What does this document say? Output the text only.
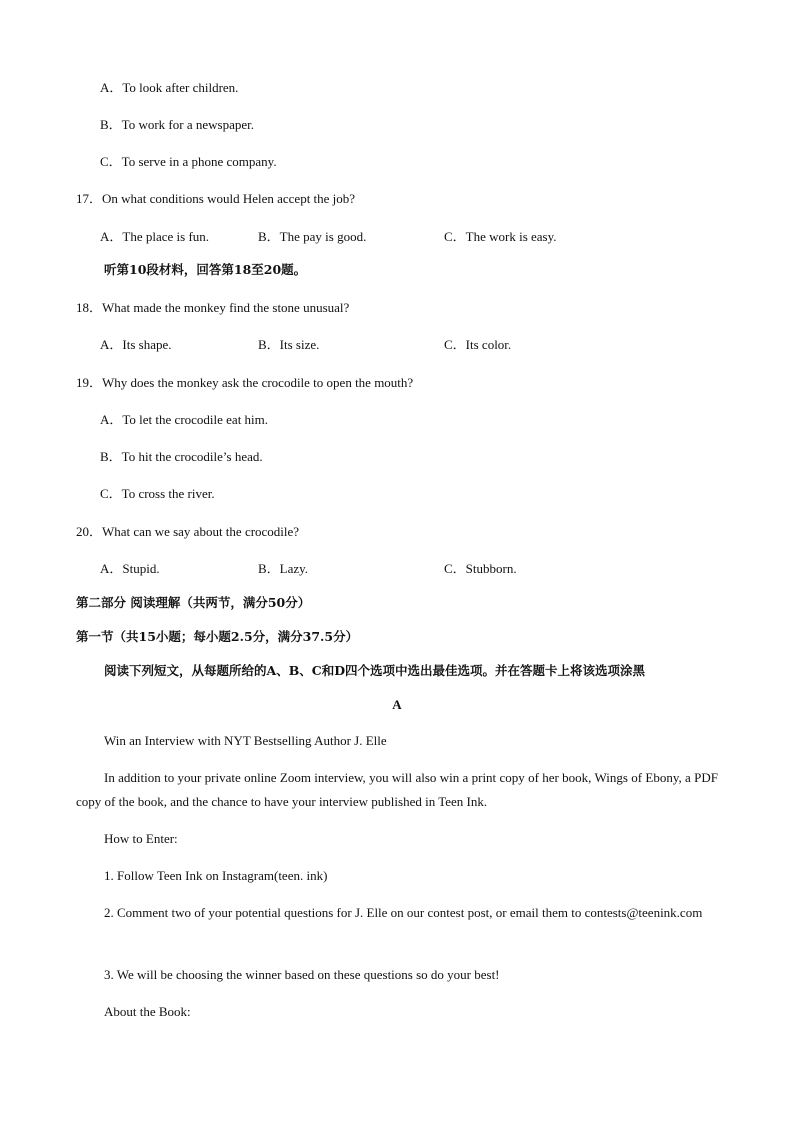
A．To look after children.
B．To work for a newspaper.
C．To serve in a phone company.
17．On what conditions would Helen accept the job?
A．The place is fun.	B．The pay is good.	C．The work is easy.
听第10段材料，回答第18至20题。
18．What made the monkey find the stone unusual?
A．Its shape.	B．Its size.	C．Its color.
19．Why does the monkey ask the crocodile to open the mouth?
A．To let the crocodile eat him.
B．To hit the crocodile’s head.
C．To cross the river.
20．What can we say about the crocodile?
A．Stupid.	B．Lazy.	C．Stubborn.
第二部分 阅读理解（共两节，满分50分）
第一节（共15小题；每小题2.5分，满分37.5分）
阅读下列短文，从每题所给的A、B、C和D四个选项中选出最佳选项。并在答题卡上将该选项涂黑
A
Win an Interview with NYT Bestselling Author J. Elle
In addition to your private online Zoom interview, you will also win a print copy of her book, Wings of Ebony, a PDF copy of the book, and the chance to have your interview published in Teen Ink.
How to Enter:
1. Follow Teen Ink on Instagram(teen. ink)
2. Comment two of your potential questions for J. Elle on our contest post, or email them to contests@teenink.com
3. We will be choosing the winner based on these questions so do your best!
About the Book:
